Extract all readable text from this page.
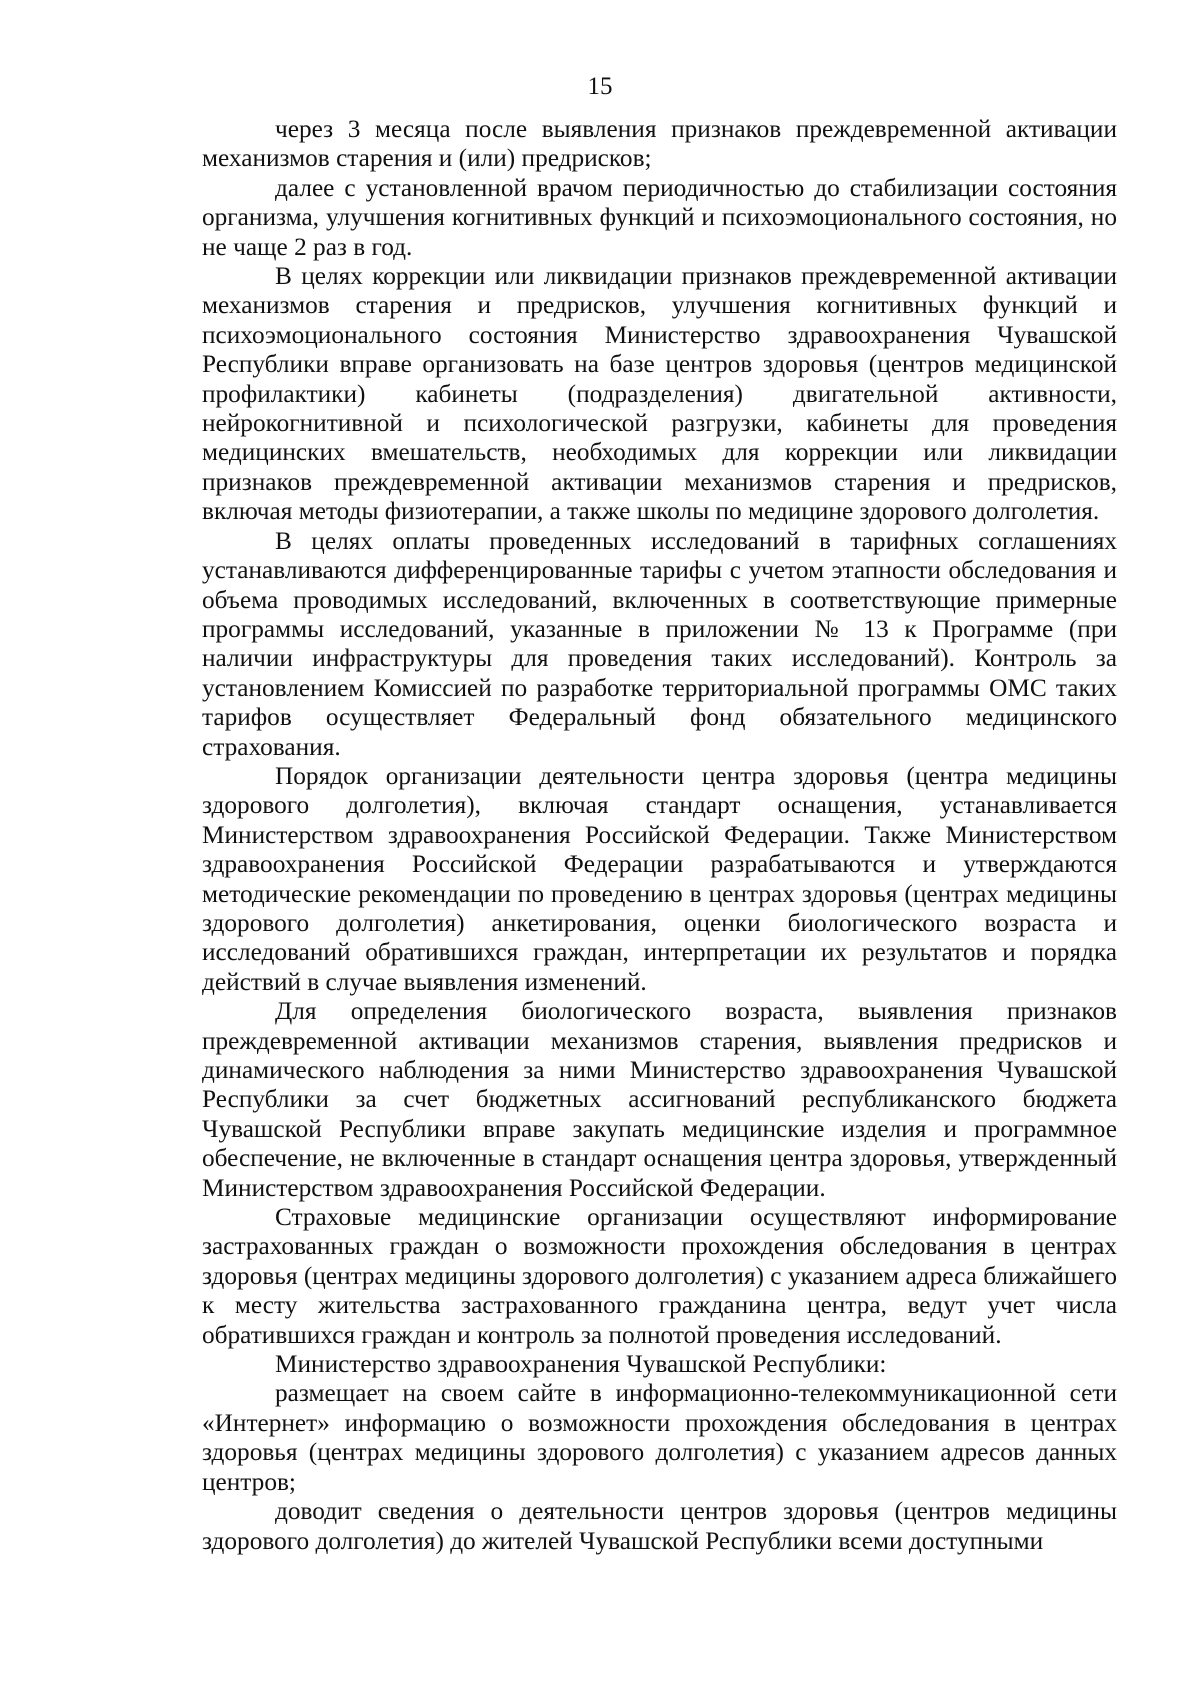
15

через 3 месяца после выявления признаков преждевременной активации механизмов старения и (или) предрисков;

далее с установленной врачом периодичностью до стабилизации состояния организма, улучшения когнитивных функций и психоэмоционального состояния, но не чаще 2 раз в год.

В целях коррекции или ликвидации признаков преждевременной активации механизмов старения и предрисков, улучшения когнитивных функций и психоэмоционального состояния Министерство здравоохранения Чувашской Республики вправе организовать на базе центров здоровья (центров медицинской профилактики) кабинеты (подразделения) двигательной активности, нейрокогнитивной и психологической разгрузки, кабинеты для проведения медицинских вмешательств, необходимых для коррекции или ликвидации признаков преждевременной активации механизмов старения и предрисков, включая методы физиотерапии, а также школы по медицине здорового долголетия.

В целях оплаты проведенных исследований в тарифных соглашениях устанавливаются дифференцированные тарифы с учетом этапности обследования и объема проводимых исследований, включенных в соответствующие примерные программы исследований, указанные в приложении № 13 к Программе (при наличии инфраструктуры для проведения таких исследований). Контроль за установлением Комиссией по разработке территориальной программы ОМС таких тарифов осуществляет Федеральный фонд обязательного медицинского страхования.

Порядок организации деятельности центра здоровья (центра медицины здорового долголетия), включая стандарт оснащения, устанавливается Министерством здравоохранения Российской Федерации. Также Министерством здравоохранения Российской Федерации разрабатываются и утверждаются методические рекомендации по проведению в центрах здоровья (центрах медицины здорового долголетия) анкетирования, оценки биологического возраста и исследований обратившихся граждан, интерпретации их результатов и порядка действий в случае выявления изменений.

Для определения биологического возраста, выявления признаков преждевременной активации механизмов старения, выявления предрисков и динамического наблюдения за ними Министерство здравоохранения Чувашской Республики за счет бюджетных ассигнований республиканского бюджета Чувашской Республики вправе закупать медицинские изделия и программное обеспечение, не включенные в стандарт оснащения центра здоровья, утвержденный Министерством здравоохранения Российской Федерации.

Страховые медицинские организации осуществляют информирование застрахованных граждан о возможности прохождения обследования в центрах здоровья (центрах медицины здорового долголетия) с указанием адреса ближайшего к месту жительства застрахованного гражданина центра, ведут учет числа обратившихся граждан и контроль за полнотой проведения исследований.

Министерство здравоохранения Чувашской Республики:

размещает на своем сайте в информационно-телекоммуникационной сети «Интернет» информацию о возможности прохождения обследования в центрах здоровья (центрах медицины здорового долголетия) с указанием адресов данных центров;

доводит сведения о деятельности центров здоровья (центров медицины здорового долголетия) до жителей Чувашской Республики всеми доступными
